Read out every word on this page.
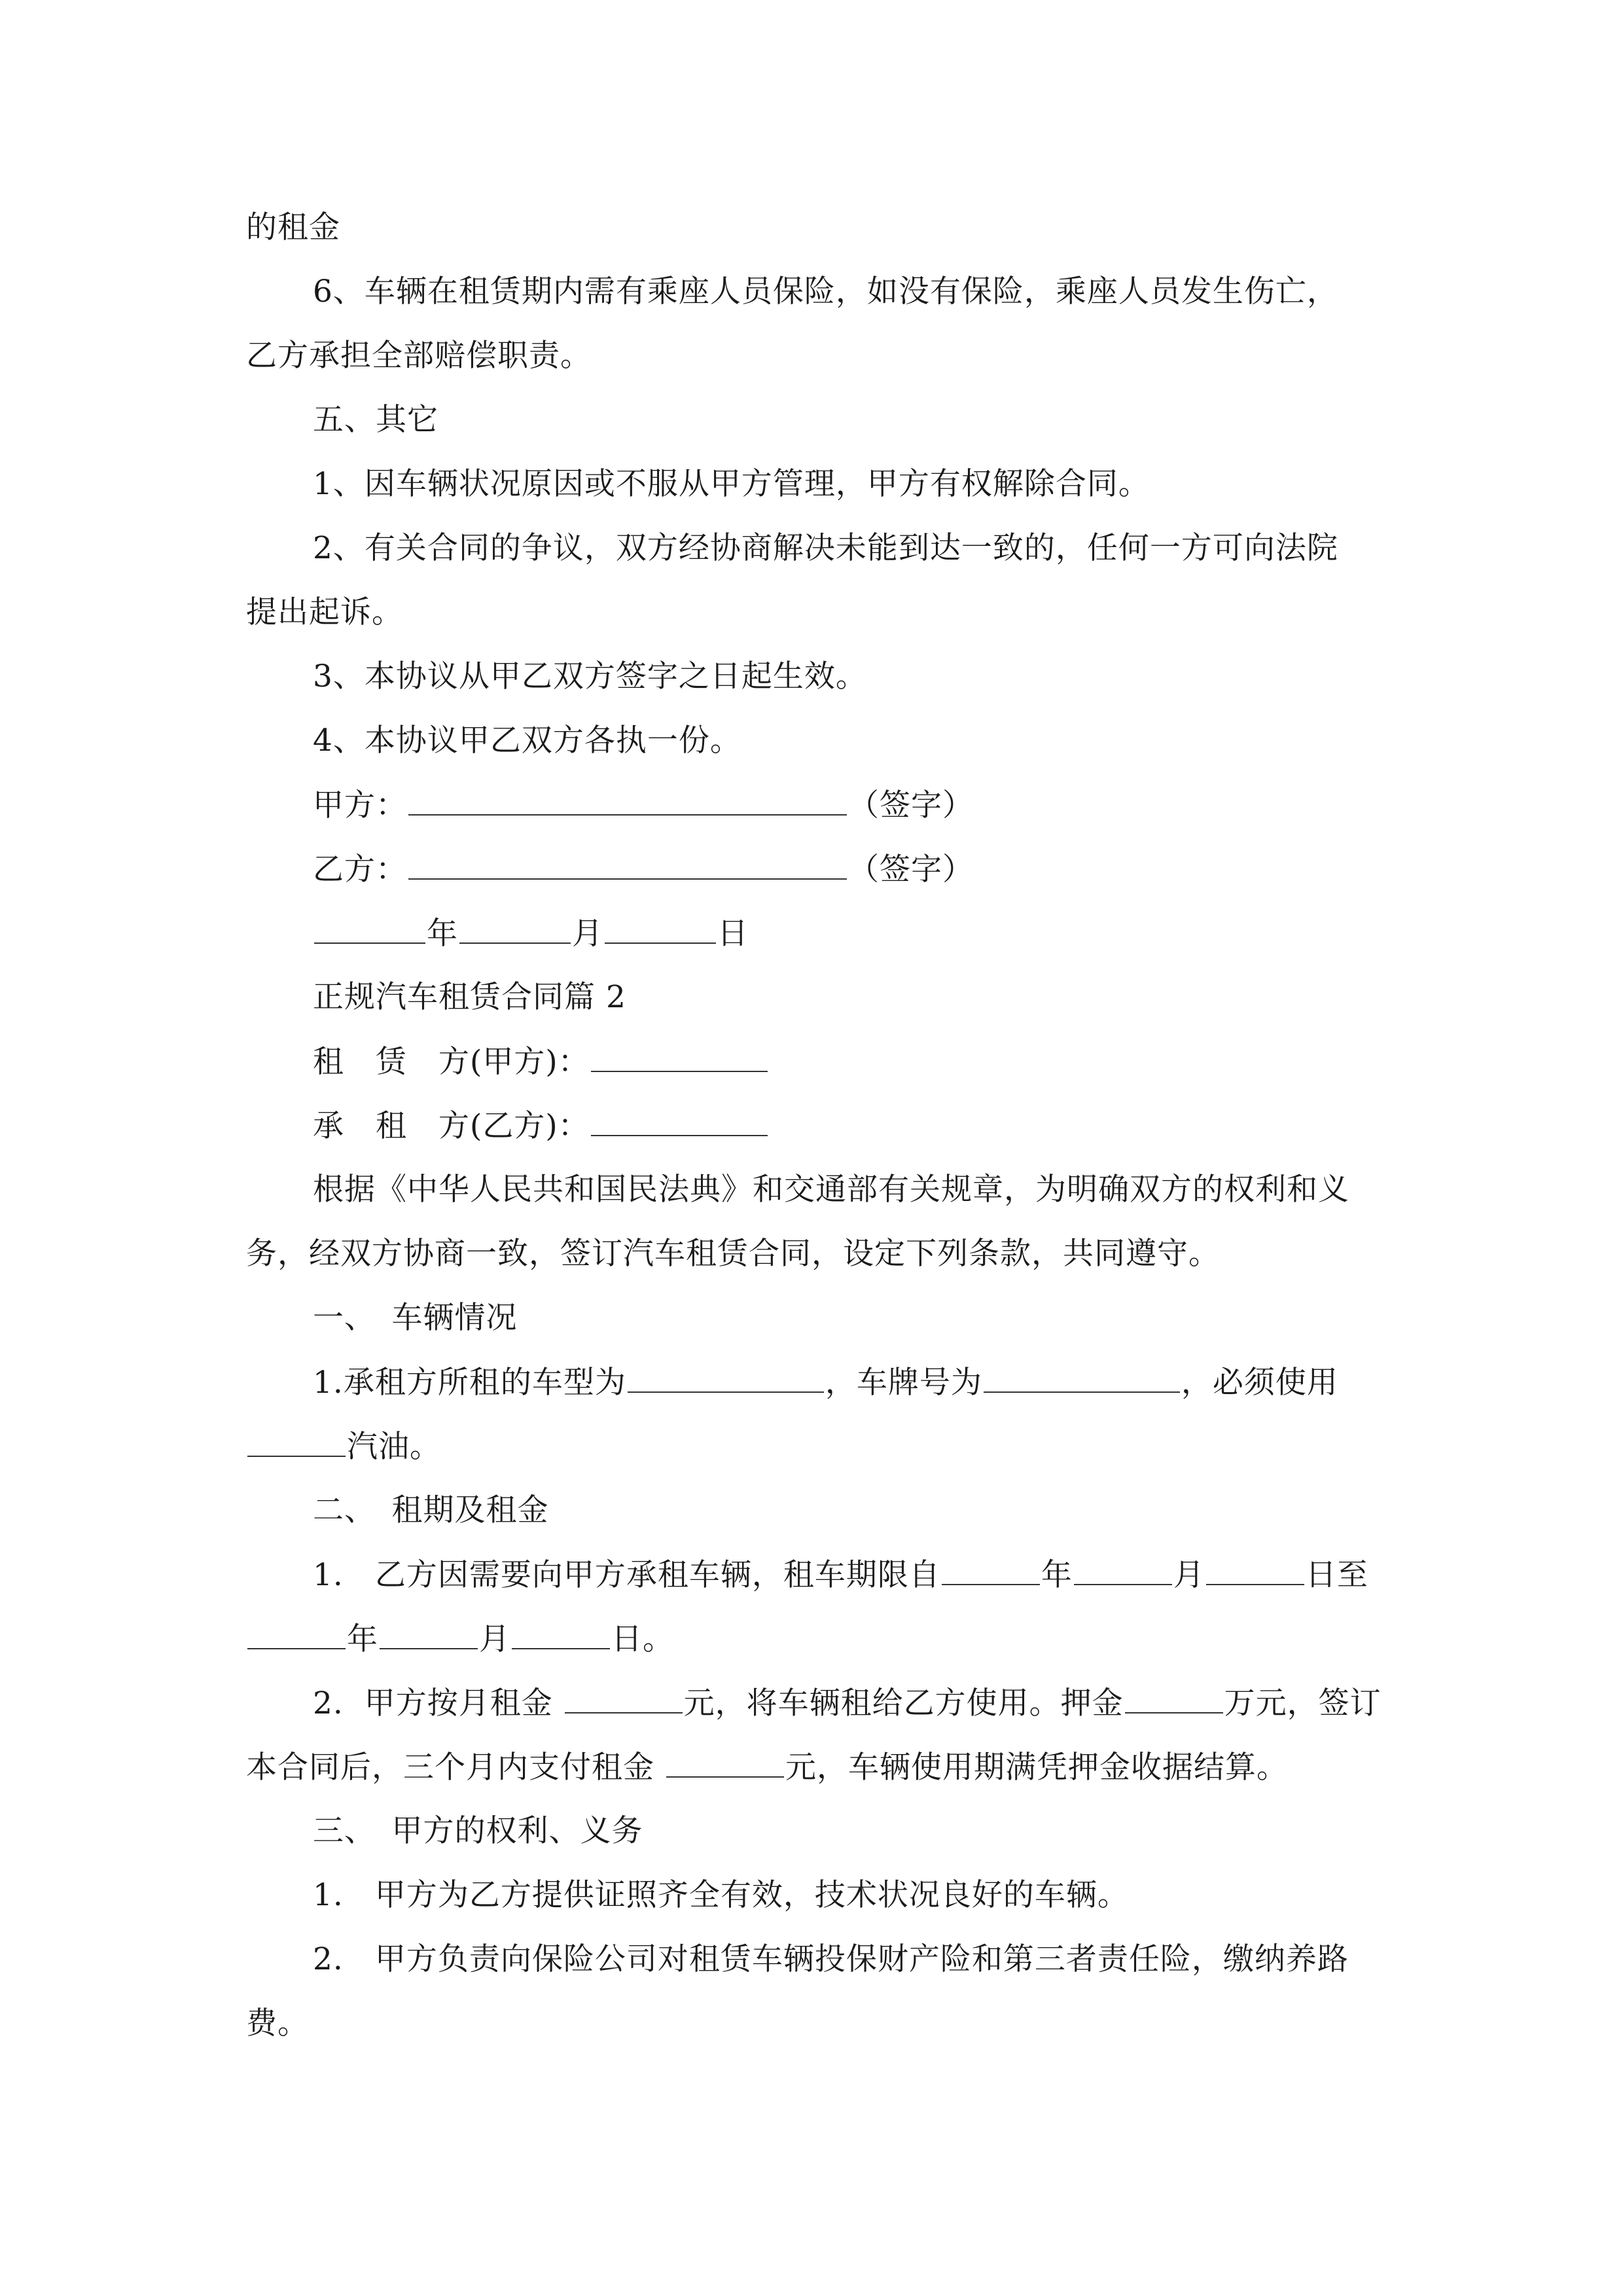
的租金
6、车辆在租赁期内需有乘座人员保险，如没有保险，乘座人员发生伤亡，
乙方承担全部赔偿职责。
五、其它
1、因车辆状况原因或不服从甲方管理，甲方有权解除合同。
2、有关合同的争议，双方经协商解决未能到达一致的，任何一方可向法院
提出起诉。
3、本协议从甲乙双方签字之日起生效。
4、本协议甲乙双方各执一份。
甲方：	（签字）
乙方：	（签字）
年	月	日
正规汽车租赁合同篇 2
租　赁　方(甲方)：
承　租　方(乙方)：
根据《中华人民共和国民法典》和交通部有关规章，为明确双方的权利和义
务，经双方协商一致，签订汽车租赁合同，设定下列条款，共同遵守。
一、　车辆情况
1.承租方所租的车型为	，车牌号为	，必须使用
汽油。
二、　租期及租金
1.　乙方因需要向甲方承租车辆，租车期限自	年	月	日至
年	月	日。
2.  甲方按月租金	元，将车辆租给乙方使用。押金	万元，签订
本合同后，三个月内支付租金	元，车辆使用期满凭押金收据结算。
三、　甲方的权利、义务
1.　甲方为乙方提供证照齐全有效，技术状况良好的车辆。
2.　甲方负责向保险公司对租赁车辆投保财产险和第三者责任险，缴纳养路
费。
